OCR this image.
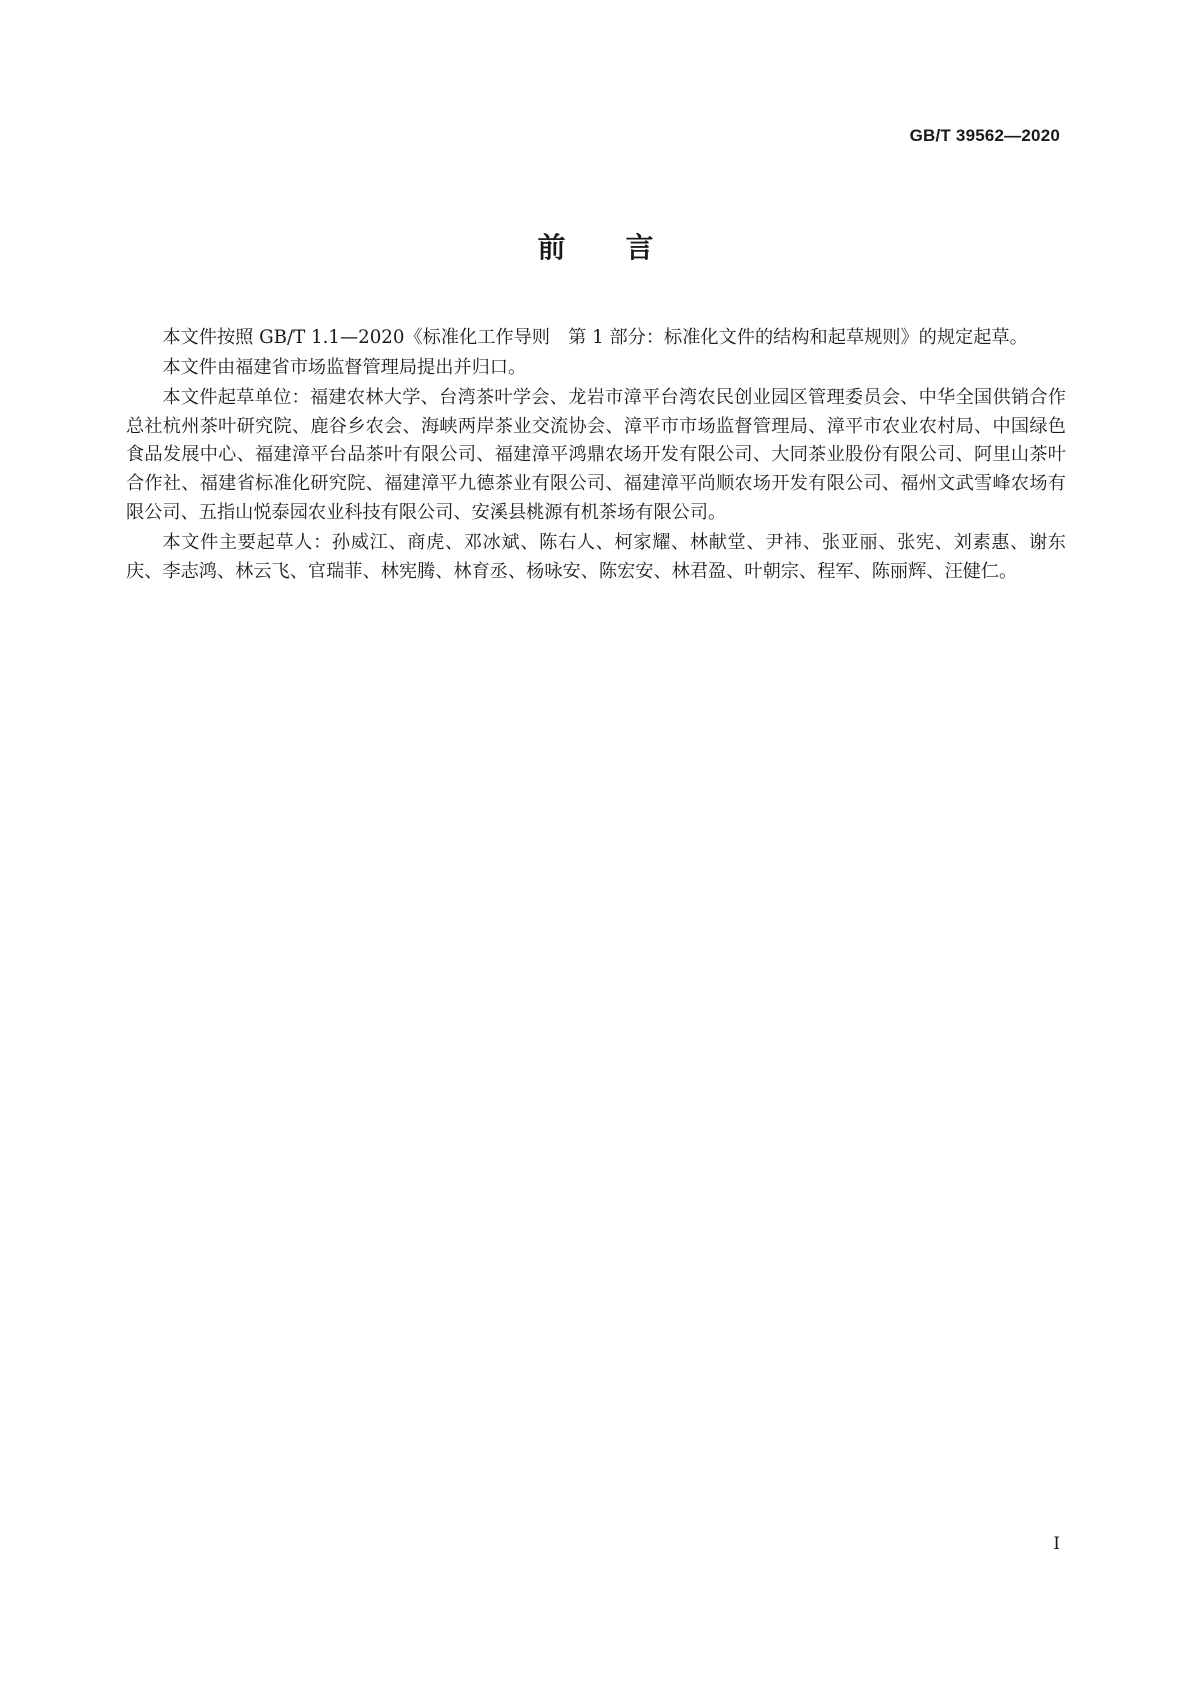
GB/T 39562—2020
前言

本文件按照 GB/T 1.1—2020《标准化工作导则　第 1 部分：标准化文件的结构和起草规则》的规定起草。

本文件由福建省市场监督管理局提出并归口。

本文件起草单位：福建农林大学、台湾茶叶学会、龙岩市漳平台湾农民创业园区管理委员会、中华全国供销合作总社杭州茶叶研究院、鹿谷乡农会、海峡两岸茶业交流协会、漳平市市场监督管理局、漳平市农业农村局、中国绿色食品发展中心、福建漳平台品茶叶有限公司、福建漳平鸿鼎农场开发有限公司、大同茶业股份有限公司、阿里山茶叶合作社、福建省标准化研究院、福建漳平九德茶业有限公司、福建漳平尚顺农场开发有限公司、福州文武雪峰农场有限公司、五指山悦泰园农业科技有限公司、安溪县桃源有机茶场有限公司。

本文件主要起草人：孙威江、商虎、邓冰斌、陈右人、柯家耀、林献堂、尹祎、张亚丽、张宪、刘素惠、谢东庆、李志鸿、林云飞、官瑞菲、林宪腾、林育丞、杨咏安、陈宏安、林君盈、叶朝宗、程军、陈丽辉、汪健仁。

I
